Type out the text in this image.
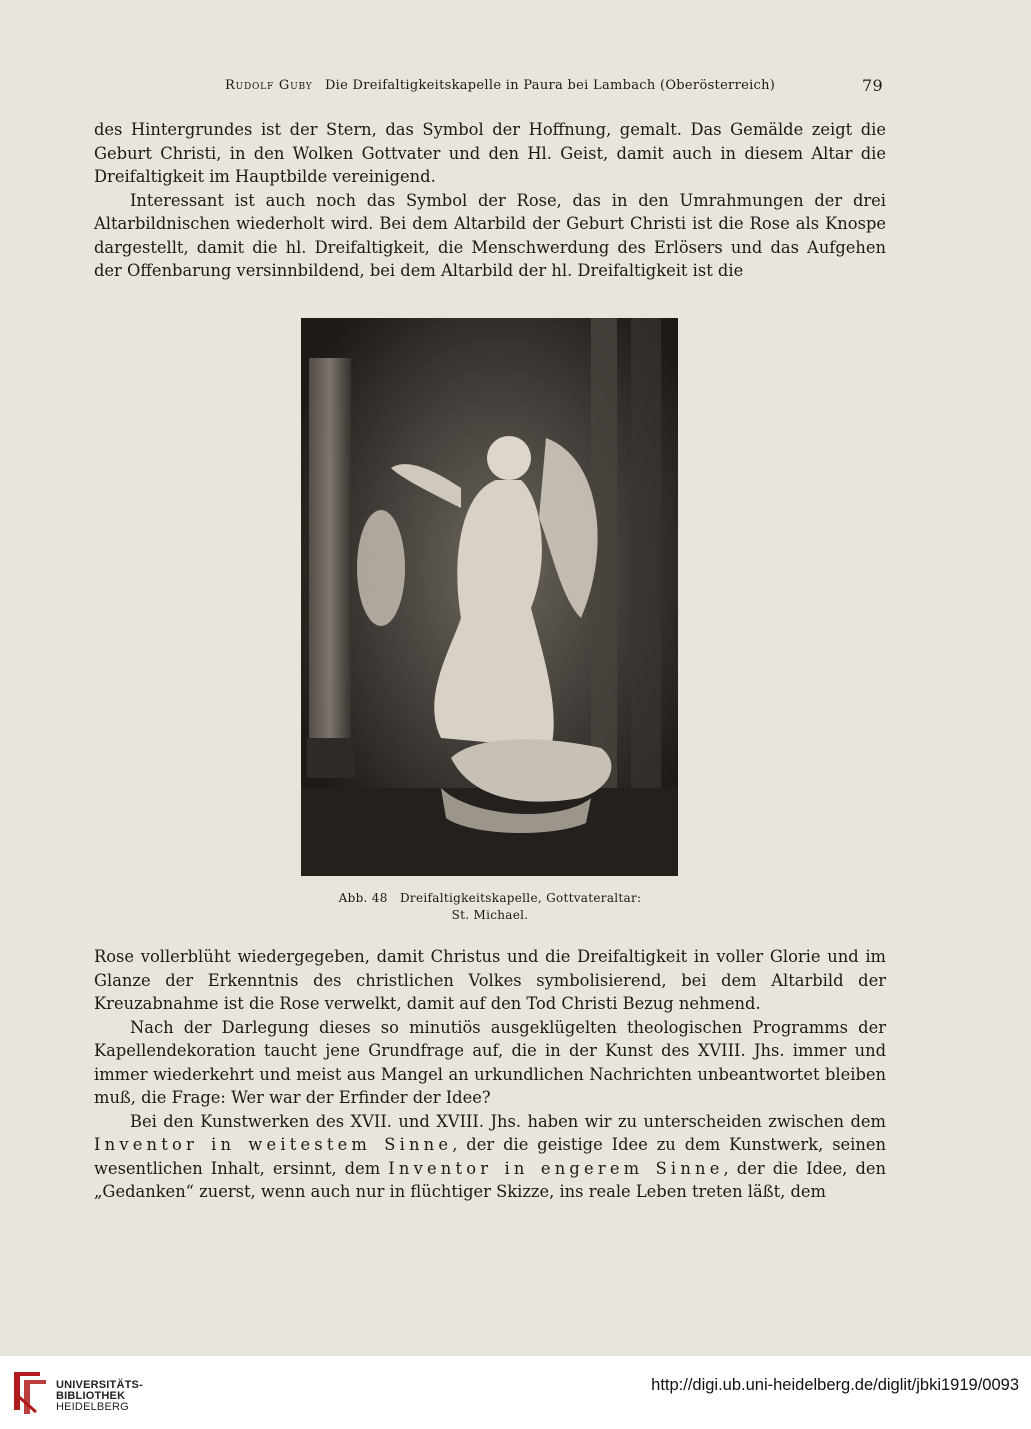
Rudolf Guby Die Dreifaltigkeitskapelle in Paura bei Lambach (Oberösterreich)	79

des Hintergrundes ist der Stern, das Symbol der Hoffnung, gemalt. Das Gemälde zeigt die Geburt Christi, in den Wolken Gottvater und den Hl. Geist, damit auch in diesem Altar die Dreifaltigkeit im Hauptbilde vereinigend.

Interessant ist auch noch das Symbol der Rose, das in den Umrahmungen der drei Altarbildnischen wiederholt wird. Bei dem Altarbild der Geburt Christi ist die Rose als Knospe dargestellt, damit die hl. Dreifaltigkeit, die Menschwerdung des Erlösers und das Aufgehen der Offenbarung versinnbildend, bei dem Altarbild der hl. Dreifaltigkeit ist die

Abb. 48   Dreifaltigkeitskapelle, Gottvateraltar:
St. Michael.

Rose vollerblüht wiedergegeben, damit Christus und die Dreifaltigkeit in voller Glorie und im Glanze der Erkenntnis des christlichen Volkes symbolisierend, bei dem Altarbild der Kreuzabnahme ist die Rose verwelkt, damit auf den Tod Christi Bezug nehmend.

Nach der Darlegung dieses so minutiös ausgeklügelten theologischen Programms der Kapellendekoration taucht jene Grundfrage auf, die in der Kunst des XVIII. Jhs. immer und immer wiederkehrt und meist aus Mangel an urkundlichen Nachrichten unbeantwortet bleiben muß, die Frage: Wer war der Erfinder der Idee?

Bei den Kunstwerken des XVII. und XVIII. Jhs. haben wir zu unterscheiden zwischen dem Inventor in weitestem Sinne, der die geistige Idee zu dem Kunstwerk, seinen wesentlichen Inhalt, ersinnt, dem Inventor in engerem Sinne, der die Idee, den „Gedanken“ zuerst, wenn auch nur in flüchtiger Skizze, ins reale Leben treten läßt, dem

UNIVERSITÄTS-
BIBLIOTHEK
HEIDELBERG
http://digi.ub.uni-heidelberg.de/diglit/jbki1919/0093
